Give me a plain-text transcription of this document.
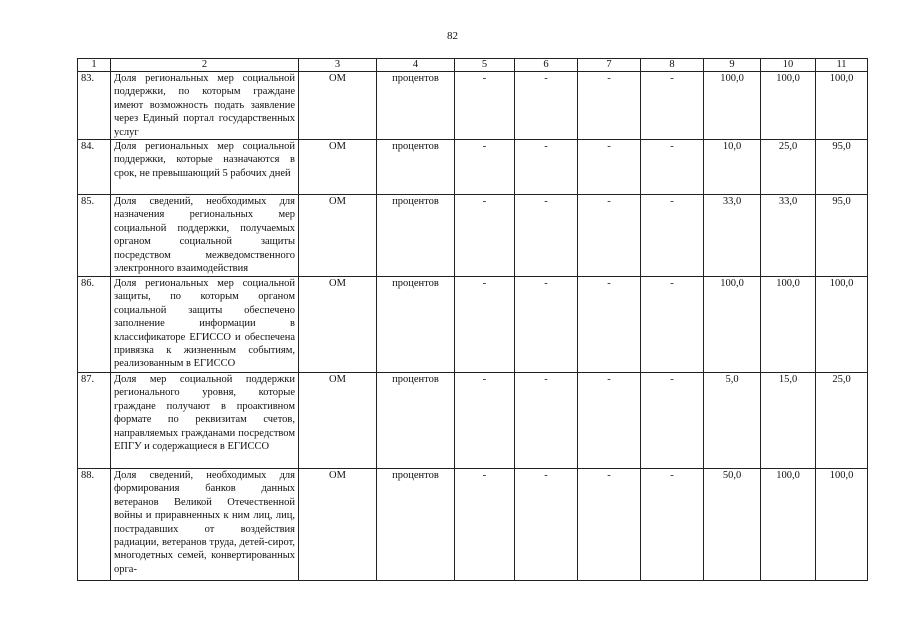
82
1	2	3	4	5	6	7	8	9	10	11
83.	Доля региональных мер социальной поддержки, по которым граждане имеют возможность подать заявление через Единый портал государственных услуг	ОМ	процентов	-	-	-	-	100,0	100,0	100,0
84.	Доля региональных мер социальной поддержки, которые назначаются в срок, не превышающий 5 рабочих дней	ОМ	процентов	-	-	-	-	10,0	25,0	95,0
85.	Доля сведений, необходимых для назначения региональных мер социальной поддержки, получаемых органом социальной защиты посредством межведомственного электронного взаимодействия	ОМ	процентов	-	-	-	-	33,0	33,0	95,0
86.	Доля региональных мер социальной защиты, по которым органом социальной защиты обеспечено заполнение информации в классификаторе ЕГИССО и обеспечена привязка к жизненным событиям, реализованным в ЕГИССО	ОМ	процентов	-	-	-	-	100,0	100,0	100,0
87.	Доля мер социальной поддержки регионального уровня, которые граждане получают в проактивном формате по реквизитам счетов, направляемых гражданами посредством ЕПГУ и содержащиеся в ЕГИССО	ОМ	процентов	-	-	-	-	5,0	15,0	25,0
88.	Доля сведений, необходимых для формирования банков данных ветеранов Великой Отечественной войны и приравненных к ним лиц, лиц, пострадавших от воздействия радиации, ветеранов труда, детей-сирот, многодетных семей, конвертированных орга-	ОМ	процентов	-	-	-	-	50,0	100,0	100,0
